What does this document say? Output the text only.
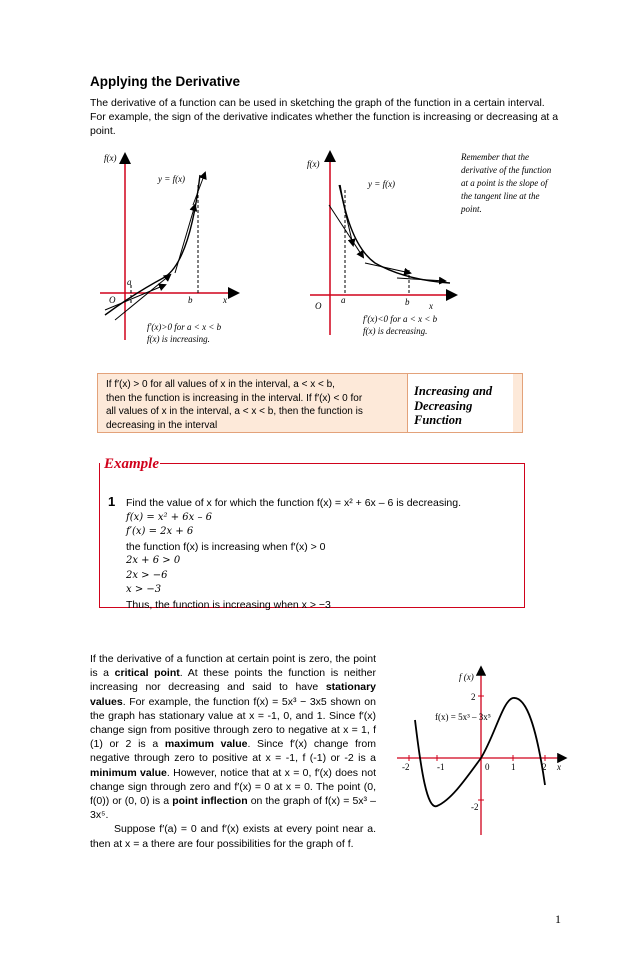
Applying the Derivative
The derivative of a function can be used in sketching the graph of the function in a certain interval. For example, the sign of the derivative indicates whether the function is increasing or decreasing at a point.
f(x)
y = f(x)
a
b
O	x
f'(x)>0 for a < x < b
f(x) is increasing.
f(x)
y = f(x)
a	b
O	x
f'(x)<0 for a < x < b
f(x) is decreasing.
Remember that the
derivative of the function
at a point is the slope of
the tangent line at the
point.
If f′(x) > 0 for all values of x in the interval, a < x < b,
then the function is increasing in the interval. If f′(x) < 0 for
all values of x in the interval, a < x < b, then the function is
decreasing in the interval
Increasing and
Decreasing
Function
Example
1 Find the value of x for which the function f(x) = x² + 6x – 6 is decreasing.
f(x) = x² + 6x – 6
f′(x) = 2x + 6
the function f(x) is increasing when f′(x) > 0
2x + 6 > 0
2x > −6
x > −3
Thus, the function is increasing when x > −3

If the derivative of a function at certain point is zero, the point is a critical point. At these points the function is neither increasing nor decreasing and said to have stationary values. For example, the function f(x) = 5x³ − 3x5 shown on the graph has stationary value at x = -1, 0, and 1. Since f′(x) change sign from positive through zero to negative at x = 1, f (1) or 2 is a maximum value. Since f′(x) change from negative through zero to positive at x = -1, f (-1) or -2 is a minimum value. However, notice that at x = 0, f′(x) does not change sign through zero and f′(x) = 0 at x = 0. The point (0, f(0)) or (0, 0) is a point inflection on the graph of f(x) = 5x³ – 3x⁵.

Suppose f′(a) = 0 and f′(x) exists at every point near a. then at x = a there are four possibilities for the graph of f.

f (x)
2
f(x) = 5x³ – 3x⁵
-2	-1	0 1	2 x
-2
1
